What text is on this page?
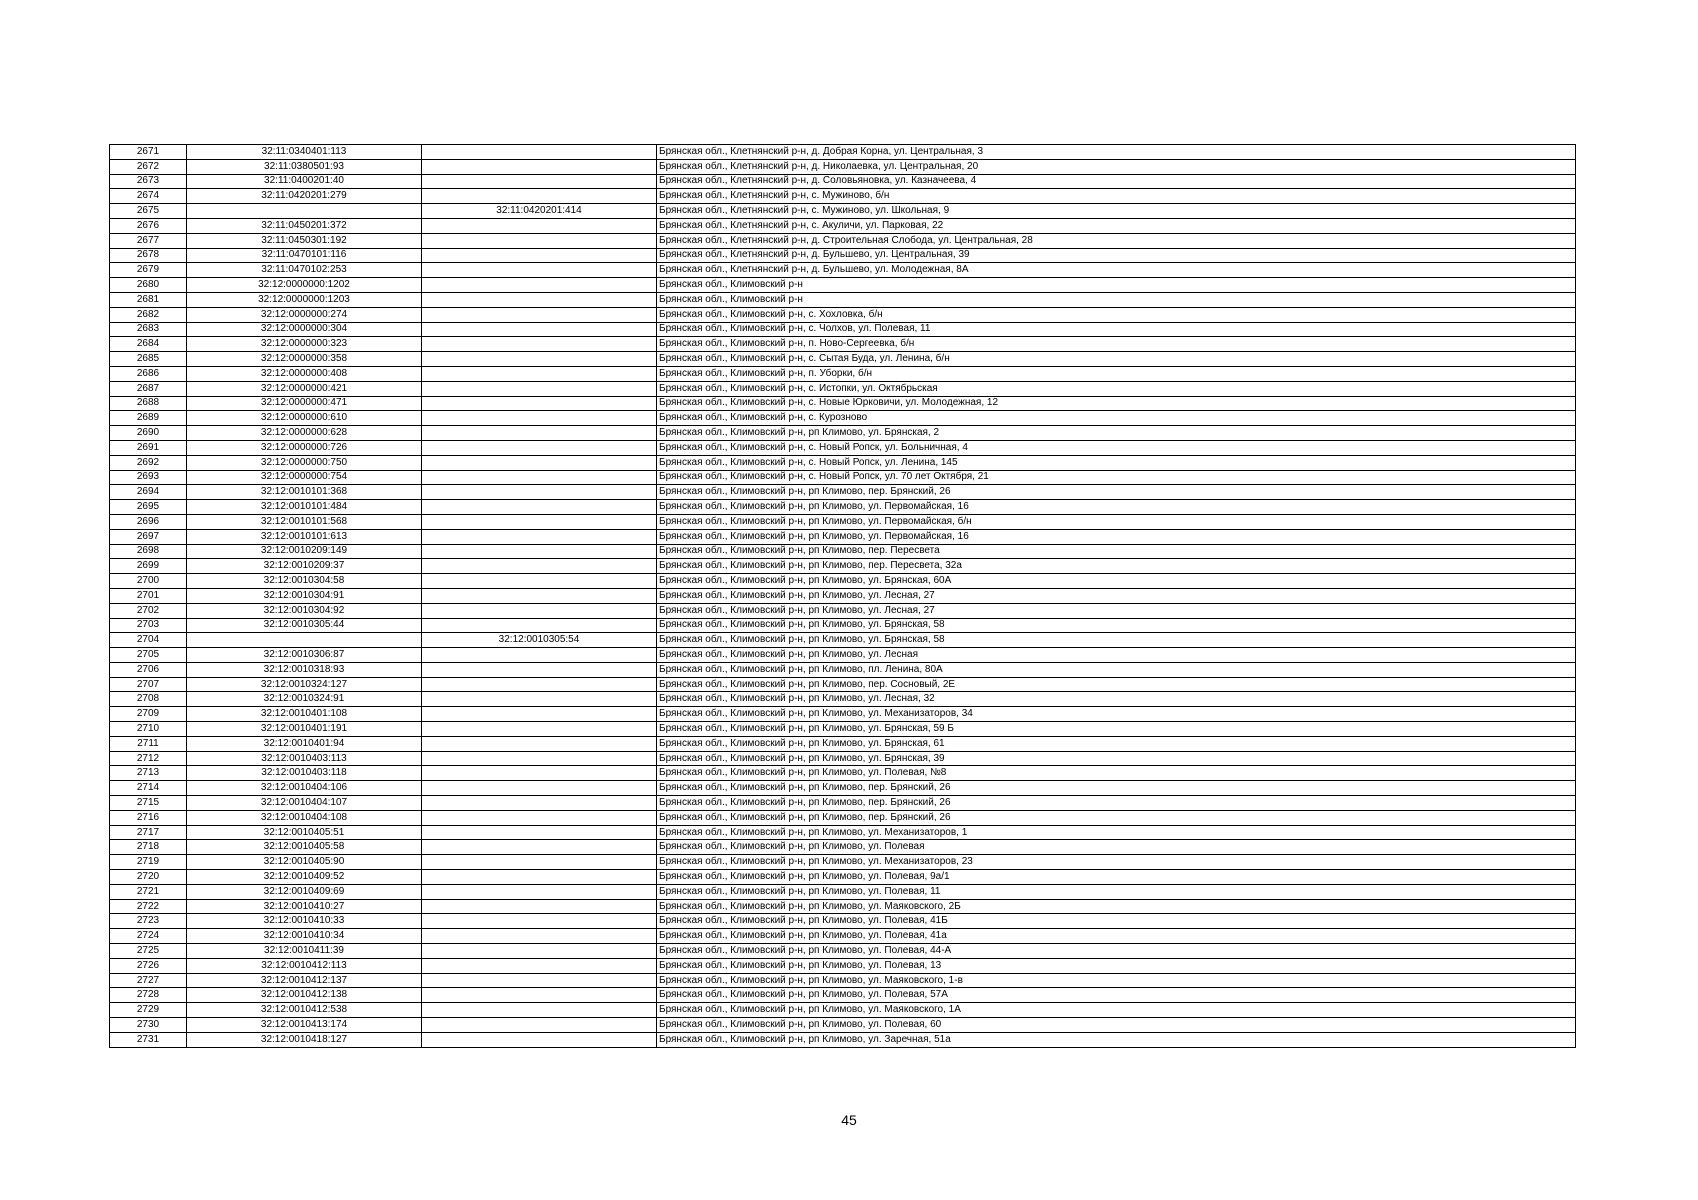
2671	32:11:0340401:113		Брянская обл., Клетнянский р-н, д. Добрая Корна, ул. Центральная, 3
2672	32:11:0380501:93		Брянская обл., Клетнянский р-н, д. Николаевка, ул. Центральная, 20
2673	32:11:0400201:40		Брянская обл., Клетнянский р-н, д. Соловьяновка, ул. Казначеева, 4
2674	32:11:0420201:279		Брянская обл., Клетнянский р-н, с. Мужиново, б/н
2675		32:11:0420201:414	Брянская обл., Клетнянский р-н, с. Мужиново, ул. Школьная, 9
2676	32:11:0450201:372		Брянская обл., Клетнянский р-н, с. Акуличи, ул. Парковая, 22
2677	32:11:0450301:192		Брянская обл., Клетнянский р-н, д. Строительная Слобода, ул. Центральная, 28
2678	32:11:0470101:116		Брянская обл., Клетнянский р-н, д. Бульшево, ул. Центральная, 39
2679	32:11:0470102:253		Брянская обл., Клетнянский р-н, д. Бульшево, ул. Молодежная, 8А
2680	32:12:0000000:1202		Брянская обл., Климовский р-н
2681	32:12:0000000:1203		Брянская обл., Климовский р-н
2682	32:12:0000000:274		Брянская обл., Климовский р-н, с. Хохловка, б/н
2683	32:12:0000000:304		Брянская обл., Климовский р-н, с. Чолхов, ул. Полевая, 11
2684	32:12:0000000:323		Брянская обл., Климовский р-н, п. Ново-Сергеевка, б/н
2685	32:12:0000000:358		Брянская обл., Климовский р-н, с. Сытая Буда, ул. Ленина, б/н
2686	32:12:0000000:408		Брянская обл., Климовский р-н, п. Уборки, б/н
2687	32:12:0000000:421		Брянская обл., Климовский р-н, с. Истопки, ул. Октябрьская
2688	32:12:0000000:471		Брянская обл., Климовский р-н, с. Новые Юрковичи, ул. Молодежная, 12
2689	32:12:0000000:610		Брянская обл., Климовский р-н, с. Курозново
2690	32:12:0000000:628		Брянская обл., Климовский р-н, рп Климово, ул. Брянская, 2
2691	32:12:0000000:726		Брянская обл., Климовский р-н, с. Новый Ропск, ул. Больничная, 4
2692	32:12:0000000:750		Брянская обл., Климовский р-н, с. Новый Ропск, ул. Ленина, 145
2693	32:12:0000000:754		Брянская обл., Климовский р-н, с. Новый Ропск, ул. 70 лет Октября, 21
2694	32:12:0010101:368		Брянская обл., Климовский р-н, рп Климово, пер. Брянский, 26
2695	32:12:0010101:484		Брянская обл., Климовский р-н, рп Климово, ул. Первомайская, 16
2696	32:12:0010101:568		Брянская обл., Климовский р-н, рп Климово, ул. Первомайская, б/н
2697	32:12:0010101:613		Брянская обл., Климовский р-н, рп Климово, ул. Первомайская, 16
2698	32:12:0010209:149		Брянская обл., Климовский р-н, рп Климово, пер. Пересвета
2699	32:12:0010209:37		Брянская обл., Климовский р-н, рп Климово, пер. Пересвета, 32а
2700	32:12:0010304:58		Брянская обл., Климовский р-н, рп Климово, ул. Брянская, 60А
2701	32:12:0010304:91		Брянская обл., Климовский р-н, рп Климово, ул. Лесная, 27
2702	32:12:0010304:92		Брянская обл., Климовский р-н, рп Климово, ул. Лесная, 27
2703	32:12:0010305:44		Брянская обл., Климовский р-н, рп Климово, ул. Брянская, 58
2704		32:12:0010305:54	Брянская обл., Климовский р-н, рп Климово, ул. Брянская, 58
2705	32:12:0010306:87		Брянская обл., Климовский р-н, рп Климово, ул. Лесная
2706	32:12:0010318:93		Брянская обл., Климовский р-н, рп Климово, пл. Ленина, 80А
2707	32:12:0010324:127		Брянская обл., Климовский р-н, рп Климово, пер. Сосновый, 2Е
2708	32:12:0010324:91		Брянская обл., Климовский р-н, рп Климово, ул. Лесная, 32
2709	32:12:0010401:108		Брянская обл., Климовский р-н, рп Климово, ул. Механизаторов, 34
2710	32:12:0010401:191		Брянская обл., Климовский р-н, рп Климово, ул. Брянская, 59 Б
2711	32:12:0010401:94		Брянская обл., Климовский р-н, рп Климово, ул. Брянская, 61
2712	32:12:0010403:113		Брянская обл., Климовский р-н, рп Климово, ул. Брянская, 39
2713	32:12:0010403:118		Брянская обл., Климовский р-н, рп Климово, ул. Полевая, №8
2714	32:12:0010404:106		Брянская обл., Климовский р-н, рп Климово, пер. Брянский, 26
2715	32:12:0010404:107		Брянская обл., Климовский р-н, рп Климово, пер. Брянский, 26
2716	32:12:0010404:108		Брянская обл., Климовский р-н, рп Климово, пер. Брянский, 26
2717	32:12:0010405:51		Брянская обл., Климовский р-н, рп Климово, ул. Механизаторов, 1
2718	32:12:0010405:58		Брянская обл., Климовский р-н, рп Климово, ул. Полевая
2719	32:12:0010405:90		Брянская обл., Климовский р-н, рп Климово, ул. Механизаторов, 23
2720	32:12:0010409:52		Брянская обл., Климовский р-н, рп Климово, ул. Полевая, 9а/1
2721	32:12:0010409:69		Брянская обл., Климовский р-н, рп Климово, ул. Полевая, 11
2722	32:12:0010410:27		Брянская обл., Климовский р-н, рп Климово, ул. Маяковского, 2Б
2723	32:12:0010410:33		Брянская обл., Климовский р-н, рп Климово, ул. Полевая, 41Б
2724	32:12:0010410:34		Брянская обл., Климовский р-н, рп Климово, ул. Полевая, 41а
2725	32:12:0010411:39		Брянская обл., Климовский р-н, рп Климово, ул. Полевая, 44-А
2726	32:12:0010412:113		Брянская обл., Климовский р-н, рп Климово, ул. Полевая, 13
2727	32:12:0010412:137		Брянская обл., Климовский р-н, рп Климово, ул. Маяковского, 1-в
2728	32:12:0010412:138		Брянская обл., Климовский р-н, рп Климово, ул. Полевая, 57А
2729	32:12:0010412:538		Брянская обл., Климовский р-н, рп Климово, ул. Маяковского, 1А
2730	32:12:0010413:174		Брянская обл., Климовский р-н, рп Климово, ул. Полевая, 60
2731	32:12:0010418:127		Брянская обл., Климовский р-н, рп Климово, ул. Заречная, 51а
45
